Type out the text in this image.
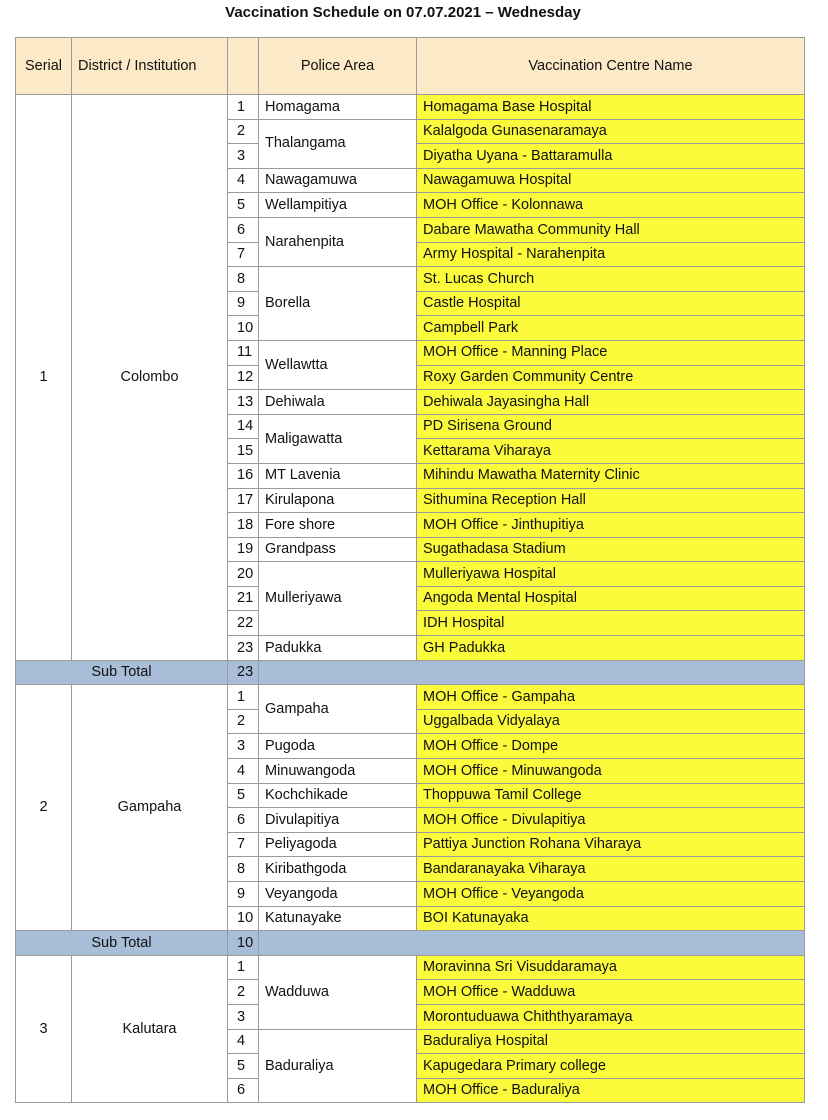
Vaccination Schedule on 07.07.2021 – Wednesday
Serial	District / Institution		Police Area	Vaccination Centre Name
1	Colombo	1	Homagama	Homagama Base Hospital
		2	Thalangama	Kalalgoda Gunasenaramaya
		3		Diyatha Uyana - Battaramulla
		4	Nawagamuwa	Nawagamuwa Hospital
		5	Wellampitiya	MOH Office - Kolonnawa
		6	Narahenpita	Dabare Mawatha Community Hall
		7		Army Hospital - Narahenpita
		8	Borella	St. Lucas Church
		9		Castle Hospital
		10		Campbell Park
		11	Wellawtta	MOH Office - Manning Place
		12		Roxy Garden Community Centre
		13	Dehiwala	Dehiwala Jayasingha Hall
		14	Maligawatta	PD Sirisena Ground
		15		Kettarama Viharaya
		16	MT Lavenia	Mihindu Mawatha Maternity Clinic
		17	Kirulapona	Sithumina Reception Hall
		18	Fore shore	MOH Office - Jinthupitiya
		19	Grandpass	Sugathadasa Stadium
		20	Mulleriyawa	Mulleriyawa Hospital
		21		Angoda Mental Hospital
		22		IDH Hospital
		23	Padukka	GH Padukka
Sub Total		23		
2	Gampaha	1	Gampaha	MOH Office - Gampaha
		2		Uggalbada Vidyalaya
		3	Pugoda	MOH Office - Dompe
		4	Minuwangoda	MOH Office - Minuwangoda
		5	Kochchikade	Thoppuwa Tamil College
		6	Divulapitiya	MOH Office - Divulapitiya
		7	Peliyagoda	Pattiya Junction Rohana Viharaya
		8	Kiribathgoda	Bandaranayaka Viharaya
		9	Veyangoda	MOH Office - Veyangoda
		10	Katunayake	BOI Katunayaka
Sub Total		10		
3	Kalutara	1	Wadduwa	Moravinna Sri Visuddaramaya
		2		MOH Office - Wadduwa
		3		Morontuduawa Chiththyaramaya
		4	Baduraliya	Baduraliya Hospital
		5		Kapugedara Primary college
		6		MOH Office - Baduraliya
